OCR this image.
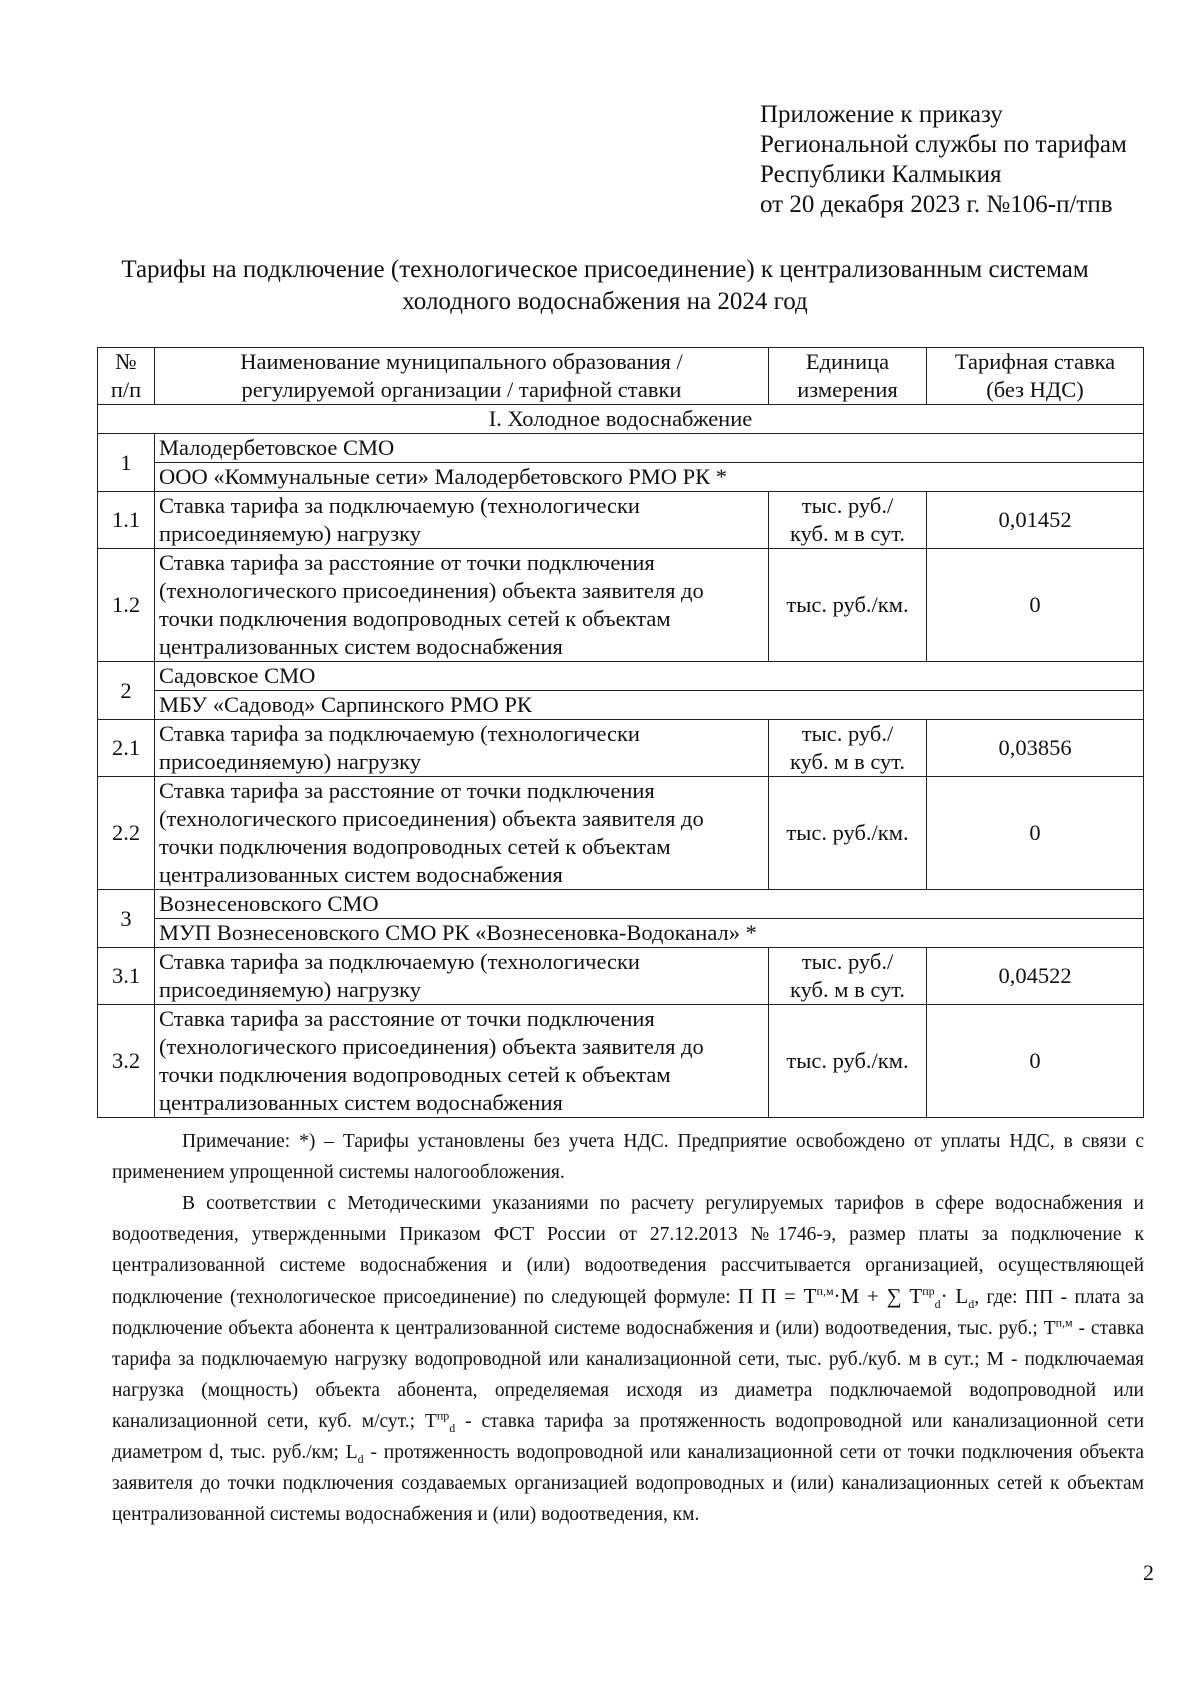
Приложение к приказу
Региональной службы по тарифам
Республики Калмыкия
от 20 декабря 2023 г. №106-п/тпв
Тарифы на подключение (технологическое присоединение) к централизованным системам
холодного водоснабжения на 2024 год
№
п/п	Наименование муниципального образования /
регулируемой организации / тарифной ставки	Единица
измерения	Тарифная ставка
(без НДС)
I. Холодное водоснабжение			
1	Малодербетовское СМО		
	ООО «Коммунальные сети» Малодербетовского РМО РК *		
1.1	Ставка тарифа за подключаемую (технологически
присоединяемую) нагрузку	тыс. руб./
куб. м в сут.	0,01452
1.2	Ставка тарифа за расстояние от точки подключения
(технологического присоединения) объекта заявителя до
точки подключения водопроводных сетей к объектам
централизованных систем водоснабжения	тыс. руб./км.	0
2	Садовское СМО		
	МБУ «Садовод» Сарпинского РМО РК		
2.1	Ставка тарифа за подключаемую (технологически
присоединяемую) нагрузку	тыс. руб./
куб. м в сут.	0,03856
2.2	Ставка тарифа за расстояние от точки подключения
(технологического присоединения) объекта заявителя до
точки подключения водопроводных сетей к объектам
централизованных систем водоснабжения	тыс. руб./км.	0
3	Вознесеновского СМО		
	МУП Вознесеновского СМО РК «Вознесеновка-Водоканал» *		
3.1	Ставка тарифа за подключаемую (технологически
присоединяемую) нагрузку	тыс. руб./
куб. м в сут.	0,04522
3.2	Ставка тарифа за расстояние от точки подключения
(технологического присоединения) объекта заявителя до
точки подключения водопроводных сетей к объектам
централизованных систем водоснабжения	тыс. руб./км.	0

Примечание: *) – Тарифы установлены без учета НДС. Предприятие освобождено от уплаты НДС, в связи с применением упрощенной системы налогообложения.

В соответствии с Методическими указаниями по расчету регулируемых тарифов в сфере водоснабжения и водоотведения, утвержденными Приказом ФСТ России от 27.12.2013 №1746-э, размер платы за подключение к централизованной системе водоснабжения и (или) водоотведения рассчитывается организацией, осуществляющей подключение (технологическое присоединение) по следующей формуле: П $П = Т^{п,м}\cdot М$ + ∑ $Т^{пр}_d\cdot L_d$, где: ПП - плата за подключение объекта абонента к централизованной системе водоснабжения и (или) водоотведения, тыс. руб.; $Т^{п,м}$ - ставка тарифа за подключаемую нагрузку водопроводной или канализационной сети, тыс. руб./куб. м в сут.; М - подключаемая нагрузка (мощность) объекта абонента, определяемая исходя из диаметра подключаемой водопроводной или канализационной сети, куб. м/сут.; $Т^{пр}_d$ - ставка тарифа за протяженность водопроводной или канализационной сети диаметром d, тыс. руб./км; $L_d$ - протяженность водопроводной или канализационной сети от точки подключения объекта заявителя до точки подключения создаваемых организацией водопроводных и (или) канализационных сетей к объектам централизованной системы водоснабжения и (или) водоотведения, км.

2
